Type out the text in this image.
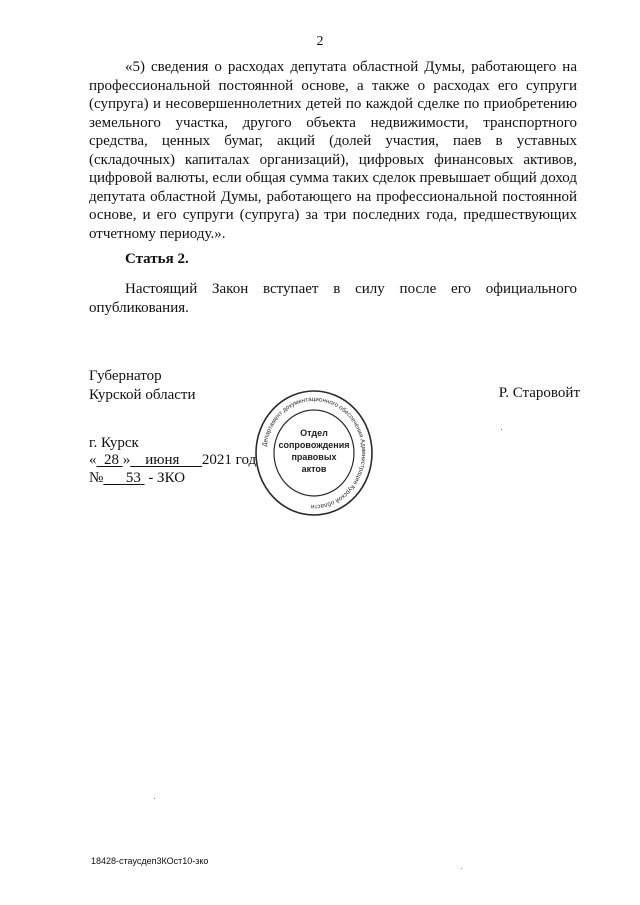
2
«5) сведения о расходах депутата областной Думы, работающего на профессиональной постоянной основе, а также о расходах его супруги (супруга) и несовершеннолетних детей по каждой сделке по приобретению земельного участка, другого объекта недвижимости, транспортного средства, ценных бумаг, акций (долей участия, паев в уставных (складочных) капиталах организаций), цифровых финансовых активов, цифровой валюты, если общая сумма таких сделок превышает общий доход депутата областной Думы, работающего на профессиональной постоянной основе, и его супруги (супруга) за три последних года, предшествующих отчетному периоду.».
Статья 2.
Настоящий Закон вступает в силу после его официального опубликования.
Губернатор
Курской области	Р. Старовойт
г. Курск
« 28 » июня 2021 год
№ 53 - ЗКО
Департамент документационного обеспечения Администрации Курской области
Отдел
сопровождения
правовых
актов
18428-стаусдеп3КОст10-зко
·
·
.
